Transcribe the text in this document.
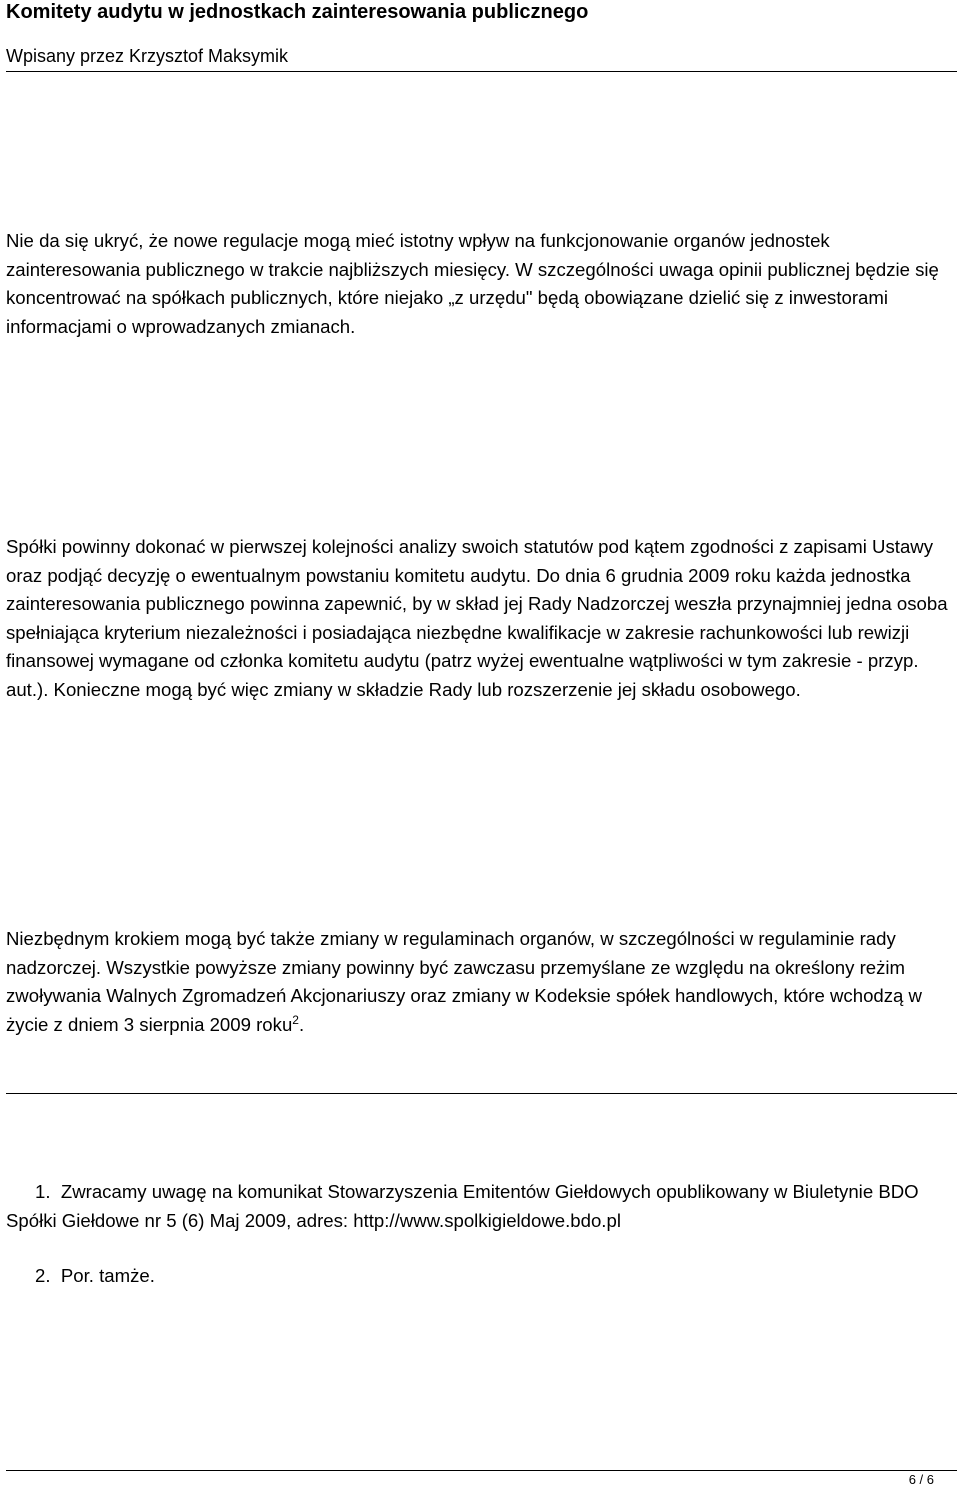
Komitety audytu w jednostkach zainteresowania publicznego
Wpisany przez Krzysztof Maksymik

Nie da się ukryć, że nowe regulacje mogą mieć istotny wpływ na funkcjonowanie organów jednostek zainteresowania publicznego w trakcie najbliższych miesięcy. W szczególności uwaga opinii publicznej będzie się koncentrować na spółkach publicznych, które niejako „z urzędu" będą obowiązane dzielić się z inwestorami informacjami o wprowadzanych zmianach.

Spółki powinny dokonać w pierwszej kolejności analizy swoich statutów pod kątem zgodności z zapisami Ustawy oraz podjąć decyzję o ewentualnym powstaniu komitetu audytu. Do dnia 6 grudnia 2009 roku każda jednostka zainteresowania publicznego powinna zapewnić, by w skład jej Rady Nadzorczej weszła przynajmniej jedna osoba spełniająca kryterium niezależności i posiadająca niezbędne kwalifikacje w zakresie rachunkowości lub rewizji finansowej wymagane od członka komitetu audytu (patrz wyżej ewentualne wątpliwości w tym zakresie - przyp. aut.). Konieczne mogą być więc zmiany w składzie Rady lub rozszerzenie jej składu osobowego.

Niezbędnym krokiem mogą być także zmiany w regulaminach organów, w szczególności w regulaminie rady nadzorczej. Wszystkie powyższe zmiany powinny być zawczasu przemyślane ze względu na określony reżim zwoływania Walnych Zgromadzeń Akcjonariuszy oraz zmiany w Kodeksie spółek handlowych, które wchodzą w życie z dniem 3 sierpnia 2009 roku$^2$.

1. Zwracamy uwagę na komunikat Stowarzyszenia Emitentów Giełdowych opublikowany w Biuletynie BDO Spółki Giełdowe nr 5 (6) Maj 2009, adres: http://www.spolkigieldowe.bdo.pl

2. Por. tamże.

6 / 6
